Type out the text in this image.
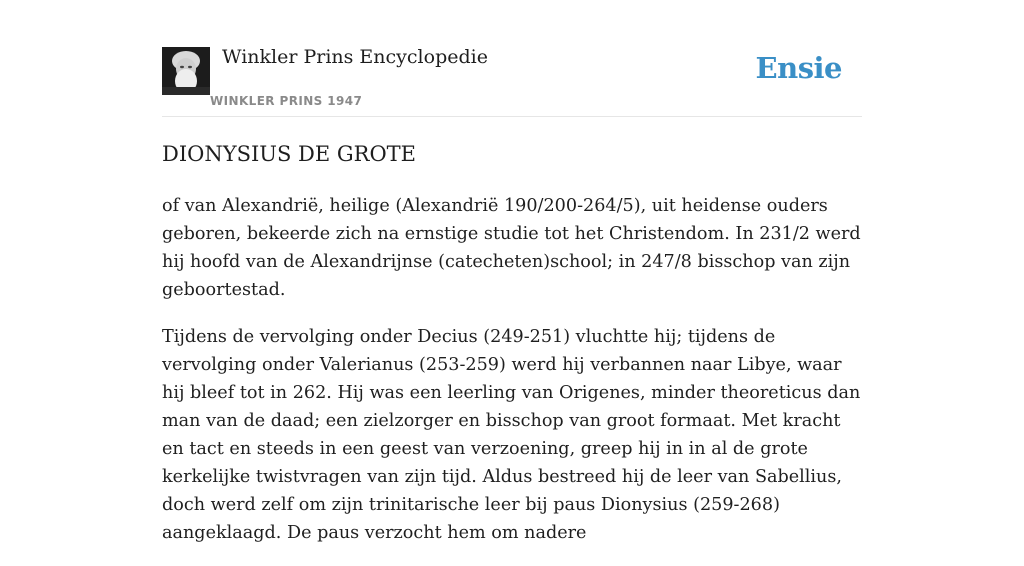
Winkler Prins Encyclopedie
WINKLER PRINS 1947
Ensie
DIONYSIUS DE GROTE

of van Alexandrië, heilige (Alexandrië 190/200-264/5), uit heidense ouders geboren, bekeerde zich na ernstige studie tot het Christendom. In 231/2 werd hij hoofd van de Alexandrijnse (catecheten)school; in 247/8 bisschop van zijn geboortestad.

Tijdens de vervolging onder Decius (249-251) vluchtte hij; tijdens de vervolging onder Valerianus (253-259) werd hij verbannen naar Libye, waar hij bleef tot in 262. Hij was een leerling van Origenes, minder theoreticus dan man van de daad; een zielzorger en bisschop van groot formaat. Met kracht en tact en steeds in een geest van verzoening, greep hij in in al de grote kerkelijke twistvragen van zijn tijd. Aldus bestreed hij de leer van Sabellius, doch werd zelf om zijn trinitarische leer bij paus Dionysius (259-268) aangeklaagd. De paus verzocht hem om nadere
